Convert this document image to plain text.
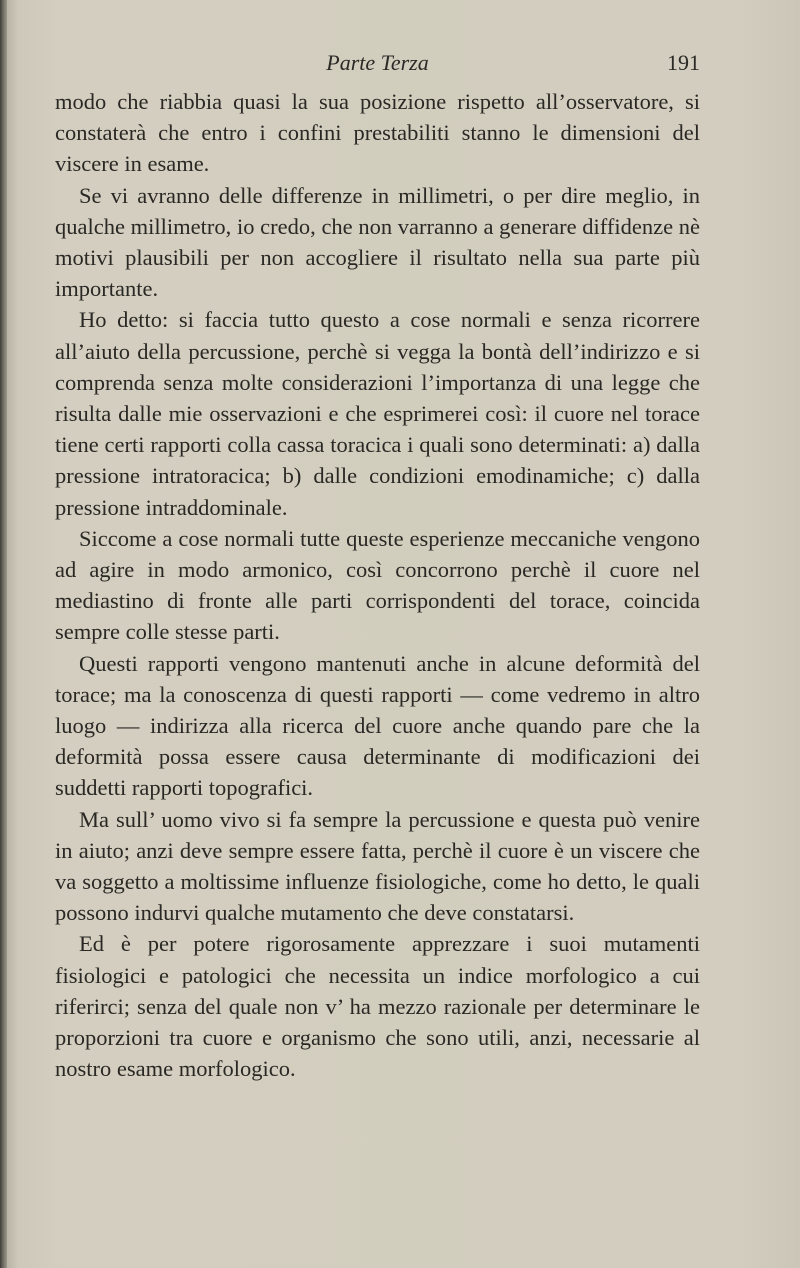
Parte Terza	191

modo che riabbia quasi la sua posizione rispetto all’osservatore, si constaterà che entro i confini prestabiliti stanno le dimensioni del viscere in esame.

Se vi avranno delle differenze in millimetri, o per dire meglio, in qualche millimetro, io credo, che non varranno a generare diffidenze nè motivi plausibili per non accogliere il risultato nella sua parte più importante.

Ho detto: si faccia tutto questo a cose normali e senza ricorrere all’aiuto della percussione, perchè si vegga la bontà dell’indirizzo e si comprenda senza molte considerazioni l’importanza di una legge che risulta dalle mie osservazioni e che esprimerei così: il cuore nel torace tiene certi rapporti colla cassa toracica i quali sono determinati: a) dalla pressione intratoracica; b) dalle condizioni emodinamiche; c) dalla pressione intraddominale.

Siccome a cose normali tutte queste esperienze meccaniche vengono ad agire in modo armonico, così concorrono perchè il cuore nel mediastino di fronte alle parti corrispondenti del torace, coincida sempre colle stesse parti.

Questi rapporti vengono mantenuti anche in alcune deformità del torace; ma la conoscenza di questi rapporti — come vedremo in altro luogo — indirizza alla ricerca del cuore anche quando pare che la deformità possa essere causa determinante di modificazioni dei suddetti rapporti topografici.

Ma sull’ uomo vivo si fa sempre la percussione e questa può venire in aiuto; anzi deve sempre essere fatta, perchè il cuore è un viscere che va soggetto a moltissime influenze fisiologiche, come ho detto, le quali possono indurvi qualche mutamento che deve constatarsi.

Ed è per potere rigorosamente apprezzare i suoi mutamenti fisiologici e patologici che necessita un indice morfologico a cui riferirci; senza del quale non v’ ha mezzo razionale per determinare le proporzioni tra cuore e organismo che sono utili, anzi, necessarie al nostro esame morfologico.
